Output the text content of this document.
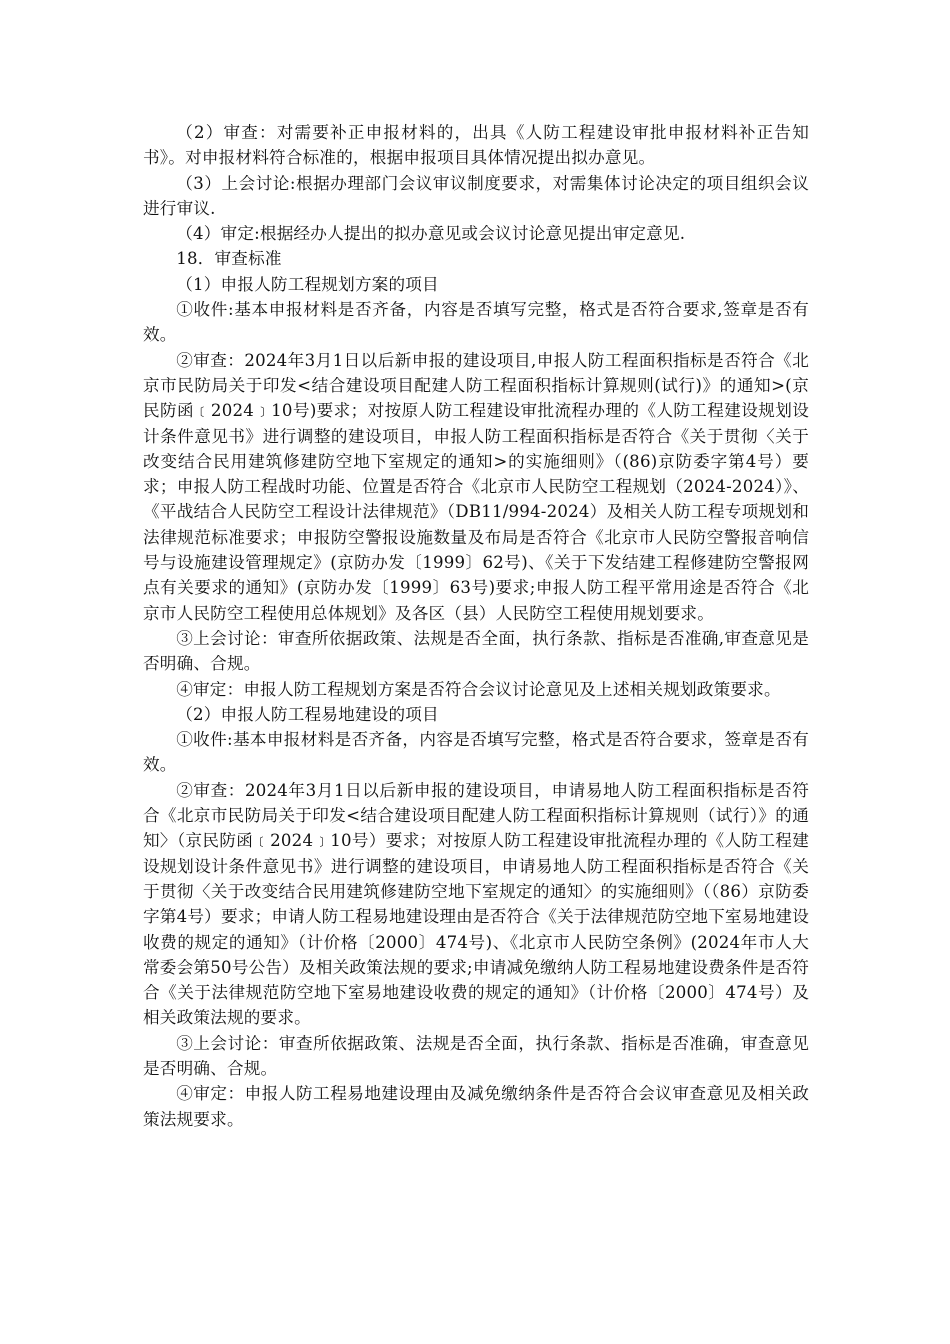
（2）审查：对需要补正申报材料的，出具《人防工程建设审批申报材料补正告知书》。对申报材料符合标准的，根据申报项目具体情况提出拟办意见。

（3）上会讨论:根据办理部门会议审议制度要求，对需集体讨论决定的项目组织会议进行审议.

（4）审定:根据经办人提出的拟办意见或会议讨论意见提出审定意见.

18．审查标准

（1）申报人防工程规划方案的项目

①收件:基本申报材料是否齐备，内容是否填写完整，格式是否符合要求,签章是否有效。

②审查：2024年3月1日以后新申报的建设项目,申报人防工程面积指标是否符合《北京市民防局关于印发<结合建设项目配建人防工程面积指标计算规则(试行)》的通知>(京民防函﹝2024﹞10号)要求；对按原人防工程建设审批流程办理的《人防工程建设规划设计条件意见书》进行调整的建设项目，申报人防工程面积指标是否符合《关于贯彻〈关于改变结合民用建筑修建防空地下室规定的通知>的实施细则》（(86)京防委字第4号）要求；申报人防工程战时功能、位置是否符合《北京市人民防空工程规划（2024-2024）》、《平战结合人民防空工程设计法律规范》（DB11/994-2024）及相关人防工程专项规划和法律规范标准要求；申报防空警报设施数量及布局是否符合《北京市人民防空警报音响信号与设施建设管理规定》(京防办发〔1999〕62号)、《关于下发结建工程修建防空警报网点有关要求的通知》(京防办发〔1999〕63号)要求;申报人防工程平常用途是否符合《北京市人民防空工程使用总体规划》及各区（县）人民防空工程使用规划要求。

③上会讨论：审查所依据政策、法规是否全面，执行条款、指标是否准确,审查意见是否明确、合规。

④审定：申报人防工程规划方案是否符合会议讨论意见及上述相关规划政策要求。

（2）申报人防工程易地建设的项目

①收件:基本申报材料是否齐备，内容是否填写完整，格式是否符合要求，签章是否有效。

②审查：2024年3月1日以后新申报的建设项目，申请易地人防工程面积指标是否符合《北京市民防局关于印发<结合建设项目配建人防工程面积指标计算规则（试行）》的通知〉（京民防函﹝2024﹞10号）要求；对按原人防工程建设审批流程办理的《人防工程建设规划设计条件意见书》进行调整的建设项目，申请易地人防工程面积指标是否符合《关于贯彻〈关于改变结合民用建筑修建防空地下室规定的通知〉的实施细则》（（86）京防委字第4号）要求；申请人防工程易地建设理由是否符合《关于法律规范防空地下室易地建设收费的规定的通知》（计价格〔2000〕474号)、《北京市人民防空条例》(2024年市人大常委会第50号公告）及相关政策法规的要求;申请减免缴纳人防工程易地建设费条件是否符合《关于法律规范防空地下室易地建设收费的规定的通知》（计价格〔2000〕474号）及相关政策法规的要求。

③上会讨论：审查所依据政策、法规是否全面，执行条款、指标是否准确，审查意见是否明确、合规。

④审定：申报人防工程易地建设理由及减免缴纳条件是否符合会议审查意见及相关政策法规要求。
